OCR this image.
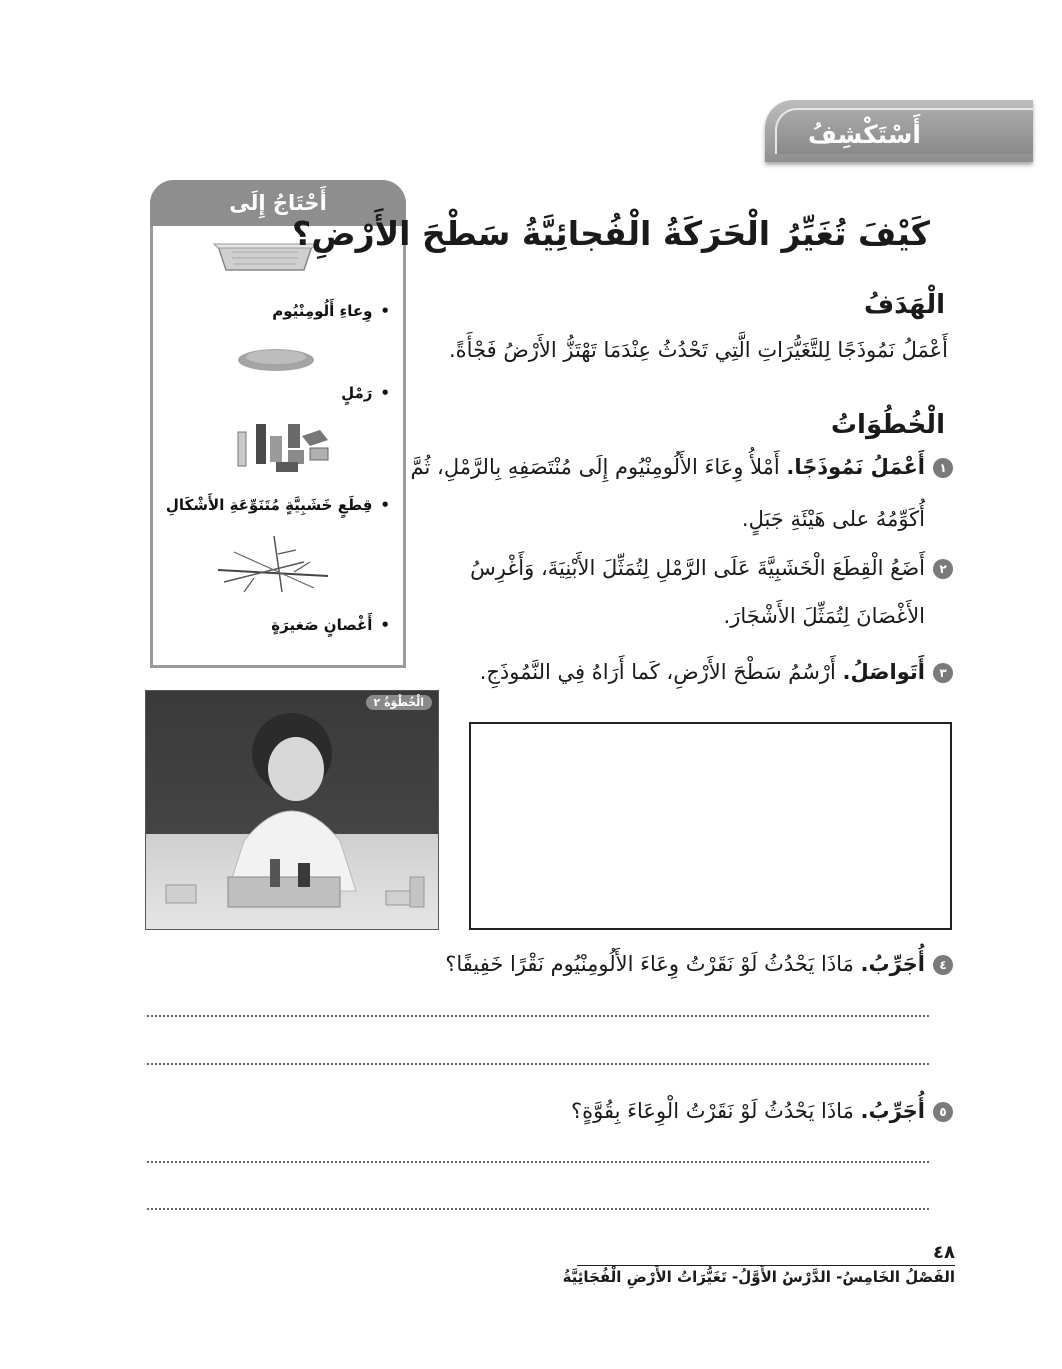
أَسْتَكْشِفُ
أَحْتَاجُ إِلَى
•وِعاءِ أَلُومِنْيُوم
•رَمْلٍ
•قِطَعٍ خَشَبِيَّةٍ مُتَنَوِّعَةِ الأَشْكَالِ
•أَغْصانٍ صَغيرَةٍ
كَيْفَ تُغَيِّرُ الْحَرَكَةُ الْفُجائِيَّةُ سَطْحَ الأَرْضِ؟
الْهَدَفُ
أَعْمَلُ نَمُوذَجًا لِلتَّغَيُّرَاتِ الَّتِي تَحْدُثُ عِنْدَمَا تَهْتَزُّ الأَرْضُ فَجْأَةً.
الْخُطُوَاتُ
١أَعْمَلُ نَمُوذَجًا. أَمْلأُ وِعَاءَ الأَلُومِنْيُوم إِلَى مُنْتَصَفِهِ بِالرَّمْلِ، ثُمَّ
أُكَوِّمُهُ على هَيْئَةِ جَبَلٍ.
٢أَضَعُ الْقِطَعَ الْخَشَبِيَّةَ عَلَى الرَّمْلِ لِتُمَثِّلَ الأَبْنِيَةَ، وَأَغْرِسُ
الأَغْصَانَ لِتُمَثِّلَ الأَشْجَارَ.
٣أَتَواصَلُ. أَرْسُمُ سَطْحَ الأَرْضِ، كَما أَرَاهُ فِي النَّمُوذَجِ.
الْخُطْوَةُ ٢
٤أُجَرِّبُ. مَاذَا يَحْدُثُ لَوْ نَقَرْتُ وِعَاءَ الأَلُومِنْيُوم نَقْرًا خَفِيفًا؟
٥أُجَرِّبُ. مَاذَا يَحْدُثُ لَوْ نَقَرْتُ الْوِعَاءَ بِقُوَّةٍ؟
٤٨
الفَصْلُ الخَامِسُ- الدَّرْسُ الأَوَّلُ- تَغَيُّرَاتُ الأَرْضِ الْفُجَائِيَّةُ
